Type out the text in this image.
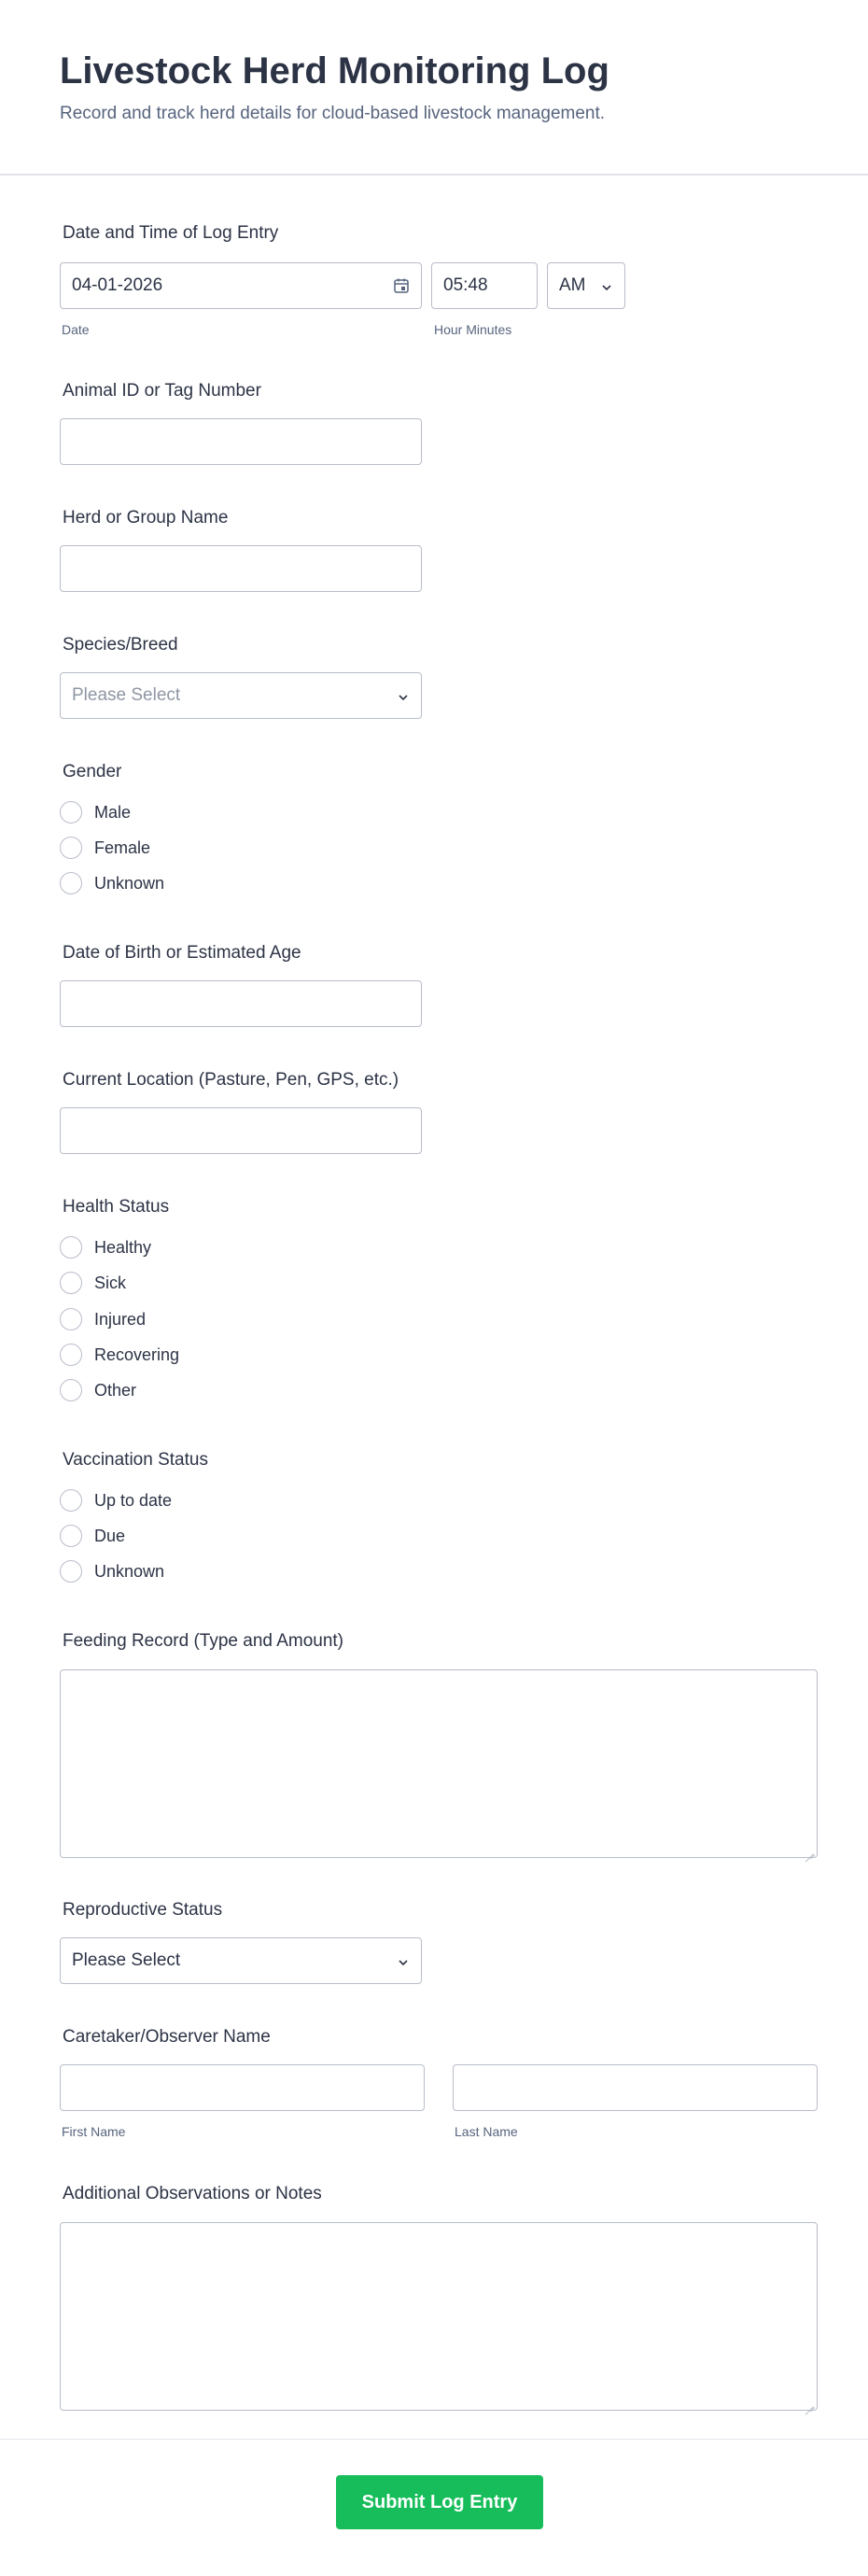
Livestock Herd Monitoring Log
Record and track herd details for cloud-based livestock management.
Date and Time of Log Entry
04-01-2026
Date
05:48
Hour Minutes
AM
Animal ID or Tag Number
Herd or Group Name
Species/Breed
Please Select
Gender
Male
Female
Unknown
Date of Birth or Estimated Age
Current Location (Pasture, Pen, GPS, etc.)
Health Status
Healthy
Sick
Injured
Recovering
Other
Vaccination Status
Up to date
Due
Unknown
Feeding Record (Type and Amount)
Reproductive Status
Please Select
Caretaker/Observer Name
First Name	Last Name
Additional Observations or Notes
Submit Log Entry
